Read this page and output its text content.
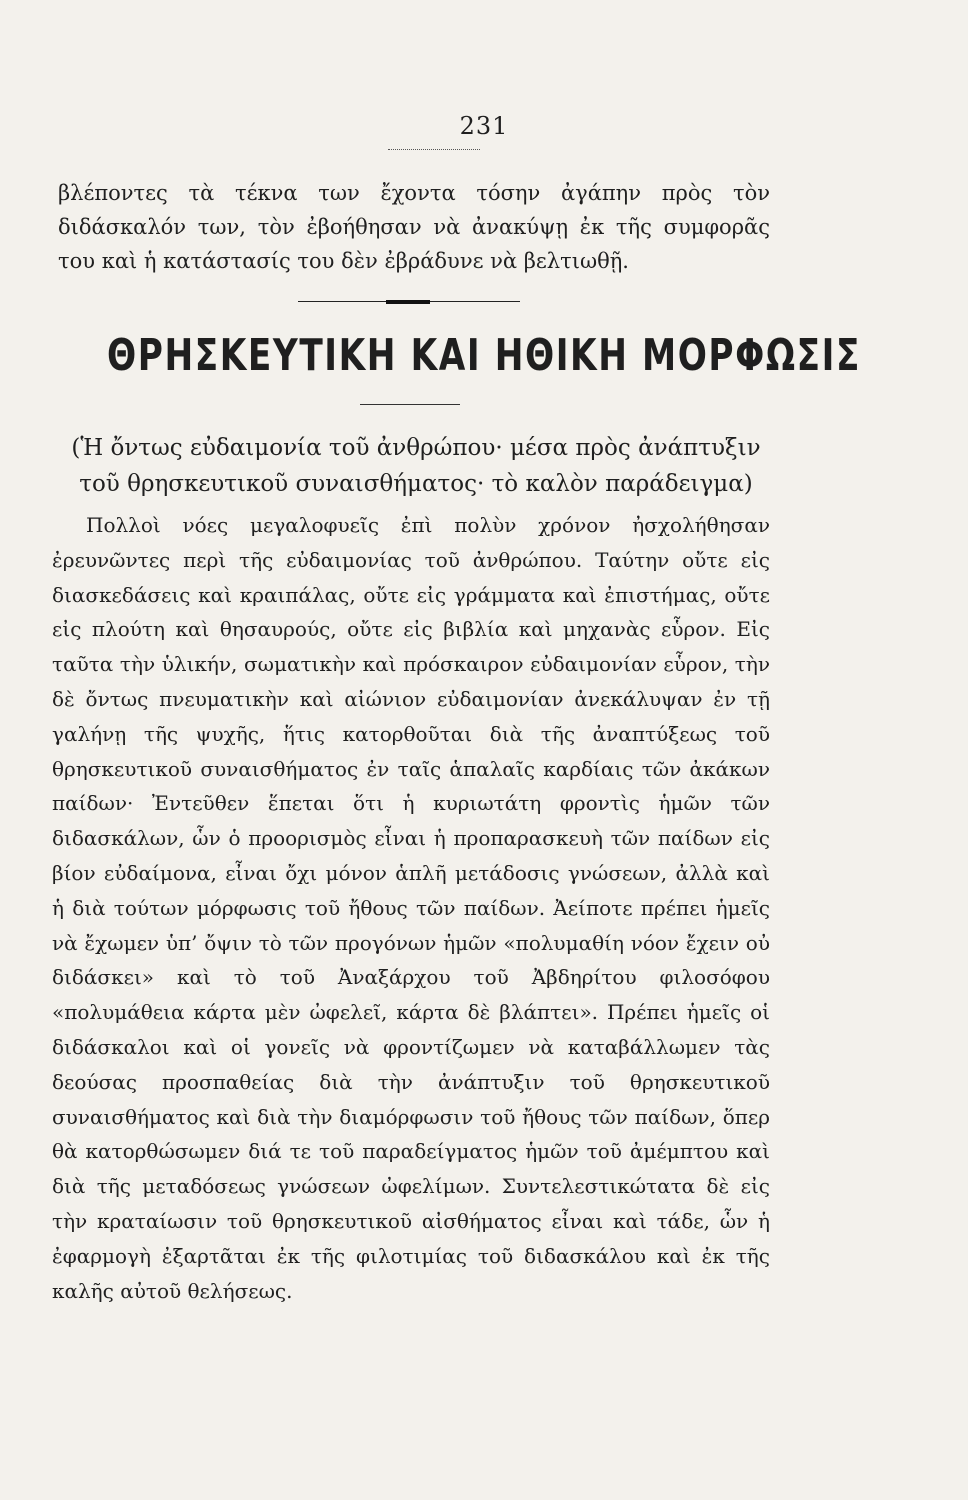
231
βλέποντες τὰ τέκνα των ἔχοντα τόσην ἀγάπην πρὸς τὸν διδάσκαλόν των, τὸν ἐβοήθησαν νὰ ἀνακύψῃ ἐκ τῆς συμφορᾶς του καὶ ἡ κατάστασίς του δὲν ἐβράδυνε νὰ βελτιωθῇ.
ΘΡΗΣΚΕΥΤΙΚΗ ΚΑΙ ΗΘΙΚΗ ΜΟΡΦΩΣΙΣ
(Ἡ ὄντως εὐδαιμονία τοῦ ἀνθρώπου· μέσα πρὸς ἀνάπτυξιν τοῦ θρησκευτικοῦ συναισθήματος· τὸ καλὸν παράδειγμα)
Πολλοὶ νόες μεγαλοφυεῖς ἐπὶ πολὺν χρόνον ἠσχολήθησαν ἐρευνῶντες περὶ τῆς εὐδαιμονίας τοῦ ἀνθρώπου. Ταύτην οὔτε εἰς διασκεδάσεις καὶ κραιπάλας, οὔτε εἰς γράμματα καὶ ἐπιστήμας, οὔτε εἰς πλούτη καὶ θησαυρούς, οὔτε εἰς βιβλία καὶ μηχανὰς εὗρον. Εἰς ταῦτα τὴν ὑλικήν, σωματικὴν καὶ πρόσκαιρον εὐδαιμονίαν εὗρον, τὴν δὲ ὄντως πνευματικὴν καὶ αἰώνιον εὐδαιμονίαν ἀνεκάλυψαν ἐν τῇ γαλήνῃ τῆς ψυχῆς, ἥτις κατορθοῦται διὰ τῆς ἀναπτύξεως τοῦ θρησκευτικοῦ συναισθήματος ἐν ταῖς ἁπαλαῖς καρδίαις τῶν ἀκάκων παίδων· Ἐντεῦθεν ἕπεται ὅτι ἡ κυριωτάτη φροντὶς ἡμῶν τῶν διδασκάλων, ὧν ὁ προορισμὸς εἶναι ἡ προπαρασκευὴ τῶν παίδων εἰς βίον εὐδαίμονα, εἶναι ὄχι μόνον ἁπλῆ μετάδοσις γνώσεων, ἀλλὰ καὶ ἡ διὰ τούτων μόρφωσις τοῦ ἤθους τῶν παίδων. Ἀείποτε πρέπει ἡμεῖς νὰ ἔχωμεν ὑπ’ ὄψιν τὸ τῶν προγόνων ἡμῶν «πολυμαθίη νόον ἔχειν οὐ διδάσκει» καὶ τὸ τοῦ Ἀναξάρχου τοῦ Ἀβδηρίτου φιλοσόφου «πολυμάθεια κάρτα μὲν ὠφελεῖ, κάρτα δὲ βλάπτει». Πρέπει ἡμεῖς οἱ διδάσκαλοι καὶ οἱ γονεῖς νὰ φροντίζωμεν νὰ καταβάλλωμεν τὰς δεούσας προσπαθείας διὰ τὴν ἀνάπτυξιν τοῦ θρησκευτικοῦ συναισθήματος καὶ διὰ τὴν διαμόρφωσιν τοῦ ἤθους τῶν παίδων, ὅπερ θὰ κατορθώσωμεν διά τε τοῦ παραδείγματος ἡμῶν τοῦ ἀμέμπτου καὶ διὰ τῆς μεταδόσεως γνώσεων ὠφελίμων. Συντελεστικώτατα δὲ εἰς τὴν κραταίωσιν τοῦ θρησκευτικοῦ αἰσθήματος εἶναι καὶ τάδε, ὧν ἡ ἐφαρμογὴ ἐξαρτᾶται ἐκ τῆς φιλοτιμίας τοῦ διδασκάλου καὶ ἐκ τῆς καλῆς αὐτοῦ θελήσεως.
